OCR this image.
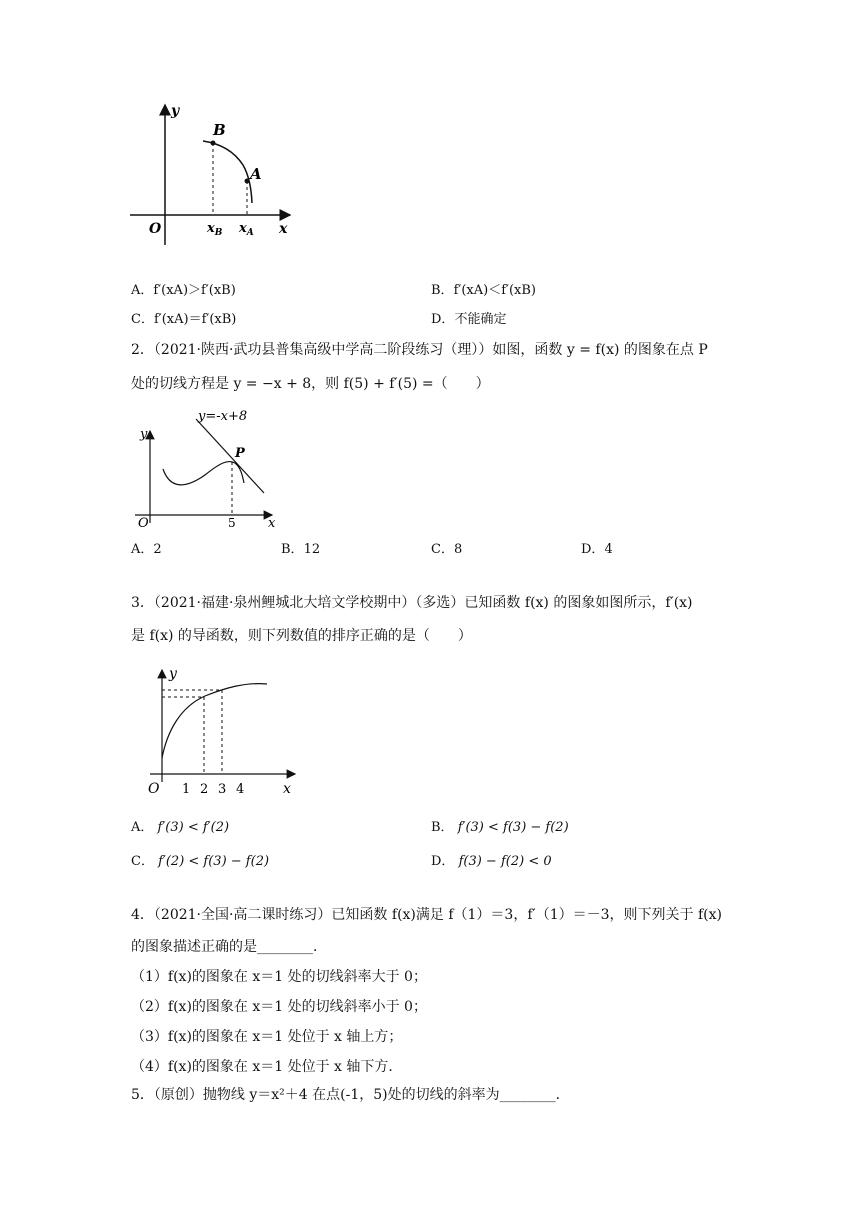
B
A
y
x
O	$x_B$ $x_A$
A．f′(xA)＞f′(xB)	B．f′(xA)＜f′(xB)
C．f′(xA)＝f′(xB)	D．不能确定
2．（2021·陕西·武功县普集高级中学高二阶段练习（理））如图，函数 y = f(x) 的图象在点 P
处的切线方程是 y = −x + 8，则 f(5) + f′(5) =（　　）
y=-x+8
y
x
O
P
5
A．2	B．12	C．8	D．4
3．（2021·福建·泉州鲤城北大培文学校期中）（多选）已知函数 f(x) 的图象如图所示，f′(x)
是 f(x) 的导函数，则下列数值的排序正确的是（　　）
y
x
O 1 2 3 4
A． f′(3) < f′(2)	B． f′(3) < f(3) − f(2)
C． f′(2) < f(3) − f(2)	D． f(3) − f(2) < 0
4．（2021·全国·高二课时练习）已知函数 f(x)满足 f（1）＝3，f′（1）＝－3，则下列关于 f(x)
的图象描述正确的是________．
（1）f(x)的图象在 x＝1 处的切线斜率大于 0；
（2）f(x)的图象在 x＝1 处的切线斜率小于 0；
（3）f(x)的图象在 x＝1 处位于 x 轴上方；
（4）f(x)的图象在 x＝1 处位于 x 轴下方．
5．（原创）抛物线 y＝x²＋4 在点(-1，5)处的切线的斜率为________．
